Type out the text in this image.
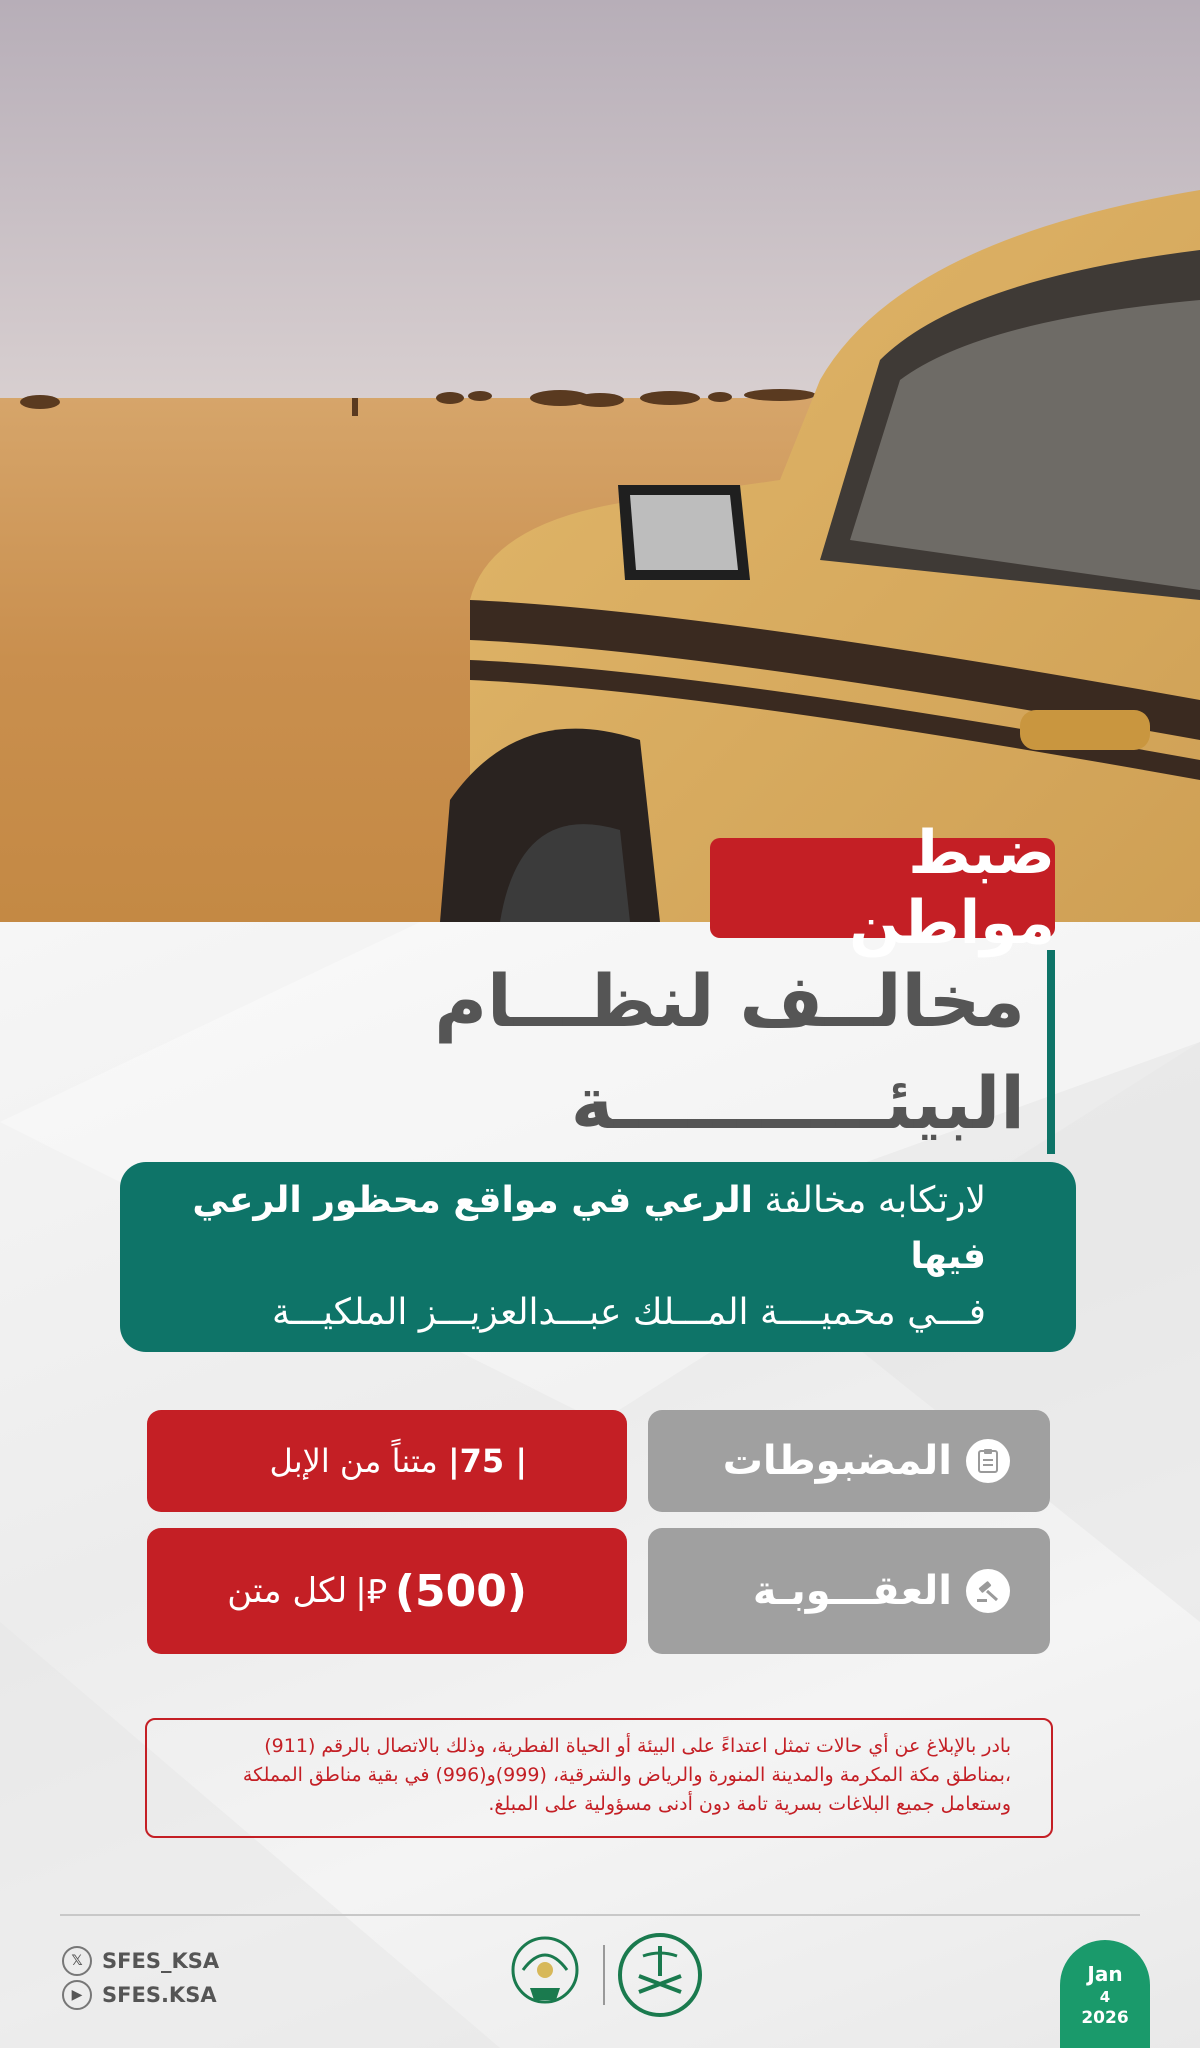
ضبط مواطن
مخالــف لنظـــام
البيئـــــــــــة
لارتكابه مخالفة الرعي في مواقع محظور الرعي فيها
فـــي محميــــة المـــلك عبـــدالعزيـــز الملكيـــة
المضبوطات
| 75| متناً من الإبل
العقـــوبـة
(500)
⃁|
لكل متن
بادر بالإبلاغ عن أي حالات تمثل اعتداءً على البيئة أو الحياة الفطرية، وذلك بالاتصال بالرقم (911)
،بمناطق مكة المكرمة والمدينة المنورة والرياض والشرقية، (999)و(996) في بقية مناطق المملكة
وستعامل جميع البلاغات بسرية تامة دون أدنى مسؤولية على المبلغ.
𝕏 SFES_KSA
▶ SFES.KSA
Jan
4
2026
